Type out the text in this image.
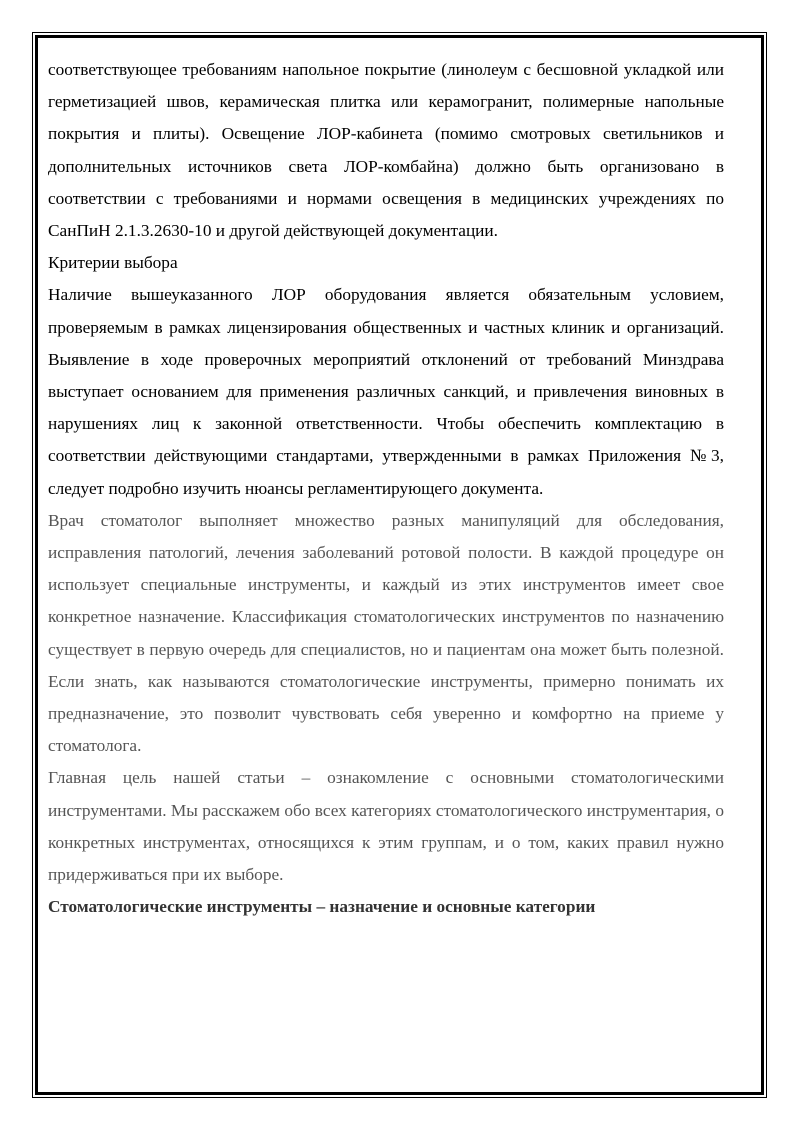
соответствующее требованиям напольное покрытие (линолеум с бесшовной укладкой или герметизацией швов, керамическая плитка или керамогранит, полимерные напольные покрытия и плиты). Освещение ЛОР-кабинета (помимо смотровых светильников и дополнительных источников света ЛОР-комбайна) должно быть организовано в соответствии с требованиями и нормами освещения в медицинских учреждениях по СанПиН 2.1.3.2630-10 и другой действующей документации.

Критерии выбора

Наличие вышеуказанного ЛОР оборудования является обязательным условием, проверяемым в рамках лицензирования общественных и частных клиник и организаций. Выявление в ходе проверочных мероприятий отклонений от требований Минздрава выступает основанием для применения различных санкций, и привлечения виновных в нарушениях лиц к законной ответственности. Чтобы обеспечить комплектацию в соответствии действующими стандартами, утвержденными в рамках Приложения №3, следует подробно изучить нюансы регламентирующего документа.

Врач стоматолог выполняет множество разных манипуляций для обследования, исправления патологий, лечения заболеваний ротовой полости. В каждой процедуре он использует специальные инструменты, и каждый из этих инструментов имеет свое конкретное назначение. Классификация стоматологических инструментов по назначению существует в первую очередь для специалистов, но и пациентам она может быть полезной. Если знать, как называются стоматологические инструменты, примерно понимать их предназначение, это позволит чувствовать себя уверенно и комфортно на приеме у стоматолога.

Главная цель нашей статьи – ознакомление с основными стоматологическими инструментами. Мы расскажем обо всех категориях стоматологического инструментария, о конкретных инструментах, относящихся к этим группам, и о том, каких правил нужно придерживаться при их выборе.

Стоматологические инструменты – назначение и основные категории
